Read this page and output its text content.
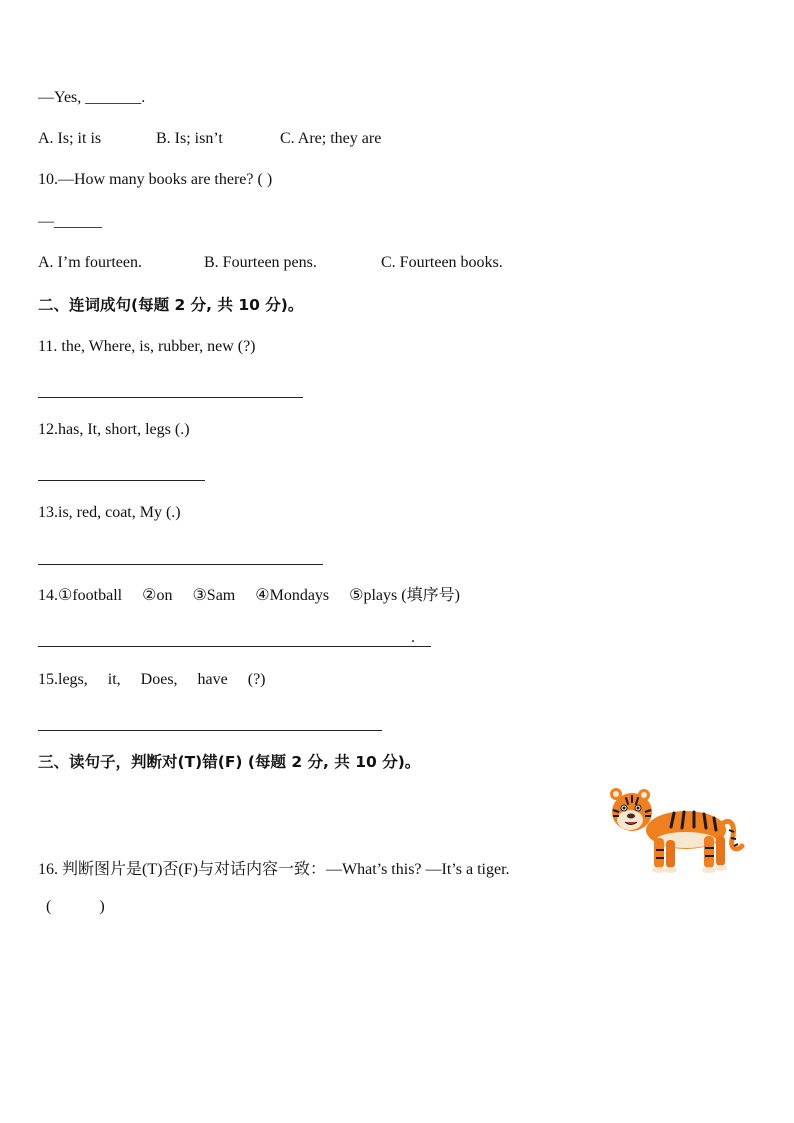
—Yes, _______.
A. Is; it is	B. Is; isn’t	C. Are; they are
10.—How many books are there? ( )
—______
A. I’m fourteen.	B. Fourteen pens.	C. Fourteen books.
二、连词成句(每题 2 分, 共 10 分)。
11. the, Where, is, rubber, new (?)
12.has, It, short, legs (.)
13.is, red, coat, My (.)
14.①football     ②on     ③Sam     ④Mondays     ⑤plays (填序号)
.
15.legs,     it,     Does,     have     (?)
三、读句子，判断对(T)错(F) (每题 2 分, 共 10 分)。
16. 判断图片是(T)否(F)与对话内容一致：—What’s this? —It’s a tiger.
(            )
